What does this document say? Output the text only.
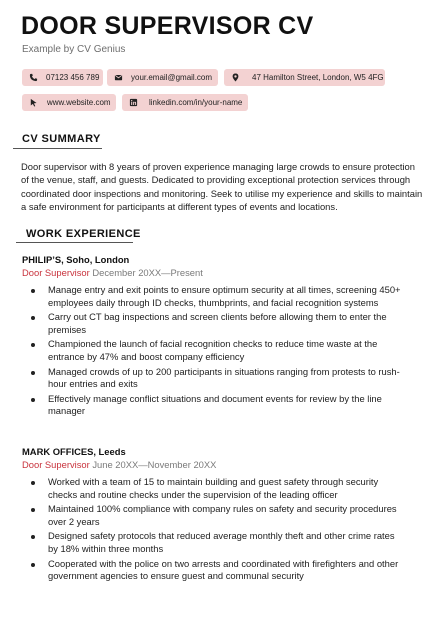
DOOR SUPERVISOR CV
Example by CV Genius
07123 456 789	your.email@gmail.com	47 Hamilton Street, London, W5 4FG
www.website.com	linkedin.com/in/your-name
CV SUMMARY
Door supervisor with 8 years of proven experience managing large crowds to ensure protection of the venue, staff, and guests. Dedicated to providing exceptional protection services through coordinated door inspections and monitoring. Seek to utilise my experience and skills to maintain a safe environment for participants at different types of events and locations.
WORK EXPERIENCE
PHILIP’S, Soho, London
Door Supervisor December 20XX—Present
Manage entry and exit points to ensure optimum security at all times, screening 450+ employees daily through ID checks, thumbprints, and facial recognition systems
Carry out CT bag inspections and screen clients before allowing them to enter the premises
Championed the launch of facial recognition checks to reduce time waste at the entrance by 47% and boost company efficiency
Managed crowds of up to 200 participants in situations ranging from protests to rush-hour entries and exits
Effectively manage conflict situations and document events for review by the line manager
MARK OFFICES, Leeds
Door Supervisor June 20XX—November 20XX
Worked with a team of 15 to maintain building and guest safety through security checks and routine checks under the supervision of the leading officer
Maintained 100% compliance with company rules on safety and security procedures over 2 years
Designed safety protocols that reduced average monthly theft and other crime rates by 18% within three months
Cooperated with the police on two arrests and coordinated with firefighters and other government agencies to ensure guest and communal security
